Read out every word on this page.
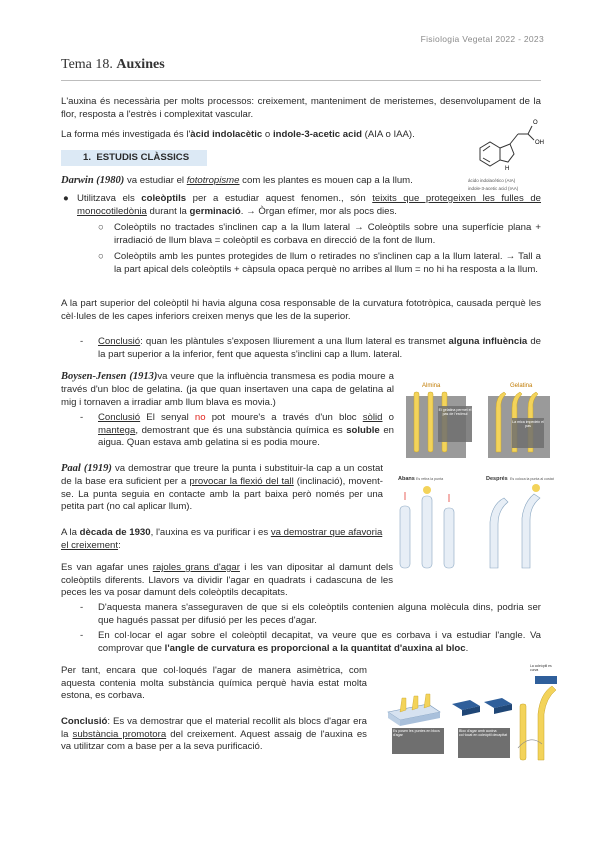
Fisiologia Vegetal 2022 - 2023
Tema 18. Auxines

L'auxina és necessària per molts processos: creixement, manteniment de meristemes, desenvolupament de la flor, resposta a l'estrès i complexitat vascular.

La forma més investigada és l'àcid indolacètic o indole-3-acetic acid (AIA o IAA).

1. ESTUDIS CLÀSSICS
O
OH
H
ácido indolacético (AIA)
indole-3-acetic acid (IAA)

Darwin (1980) va estudiar el fototropisme com les plantes es mouen cap a la llum.

● Utilitzava els coleòptils per a estudiar aquest fenomen., són teixits que protegeixen les fulles de monocotiledònia durant la germinació. → Òrgan efímer, mor als pocs dies.
○ Coleòptils no tractades s'inclinen cap a la llum lateral → Coleòptils sobre una superfície plana + irradiació de llum blava = coleòptil es corbava en direcció de la font de llum.
○ Coleòptils amb les puntes protegides de llum o retirades no s'inclinen cap a la llum lateral. → Tall a la part apical dels coleòptils + càpsula opaca perquè no arribes al llum = no hi ha resposta a la llum.

A la part superior del coleòptil hi havia alguna cosa responsable de la curvatura fototròpica, causada perquè les cèl·lules de les capes inferiors creixen menys que les de la superior.

- Conclusió: quan les plàntules s'exposen lliurement a una llum lateral es transmet alguna influència de la part superior a la inferior, fent que aquesta s'inclini cap a llum. lateral.

Boysen-Jensen (1913)va veure que la influència transmesa es podia moure a través d'un bloc de gelatina. (ja que quan insertaven una capa de gelatina al mig i tornaven a irradiar amb llum blava es movia.)

- Conclusió El senyal no pot moure's a través d'un bloc sòlid o mantega, demostrant que és una substància química es soluble en aigua. Quan estava amb gelatina si es podia moure.
Almina	Gelatina
El gelatina permet el pas de l'estímul
La mica impedeix el pas

Paal (1919) va demostrar que treure la punta i substituir-la cap a un costat de la base era suficient per a provocar la flexió del tall (inclinació), movent-se. La punta seguia en contacte amb la part baixa però només per una petita part (no cal aplicar llum).

Abans	Després
Es retira la punta	Es coloca la punta al costat

A la dècada de 1930, l'auxina es va purificar i es va demostrar que afavoria el creixement:

Es van agafar unes rajoles grans d'agar i les van dipositar al damunt dels coleòptils diferents. Llavors va dividir l'agar en quadrats i cadascuna de les peces les va posar damunt dels coleòptils decapitats.

- D'aquesta manera s'asseguraven de que si els coleòptils contenien alguna molècula dins, podria ser que hagués passat per difusió per les peces d'agar.
- En col·locar el agar sobre el coleòptil decapitat, va veure que es corbava i va estudiar l'angle. Va comprovar que l'angle de curvatura es proporcional a la quantitat d'auxina al bloc.

Per tant, encara que col·loqués l'agar de manera asimètrica, com aquesta contenia molta substància química perquè havia estat molta estona, es corbava.

Conclusió: Es va demostrar que el material recollit als blocs d'agar era la substància promotora del creixement. Aquest assaig de l'auxina es va utilitzar com a base per a la seva purificació.

Es posen les puntes en blocs d'agar
Bloc d'agar amb auxina col·locat en coleòptil decapitat
La coleòptil es curva
